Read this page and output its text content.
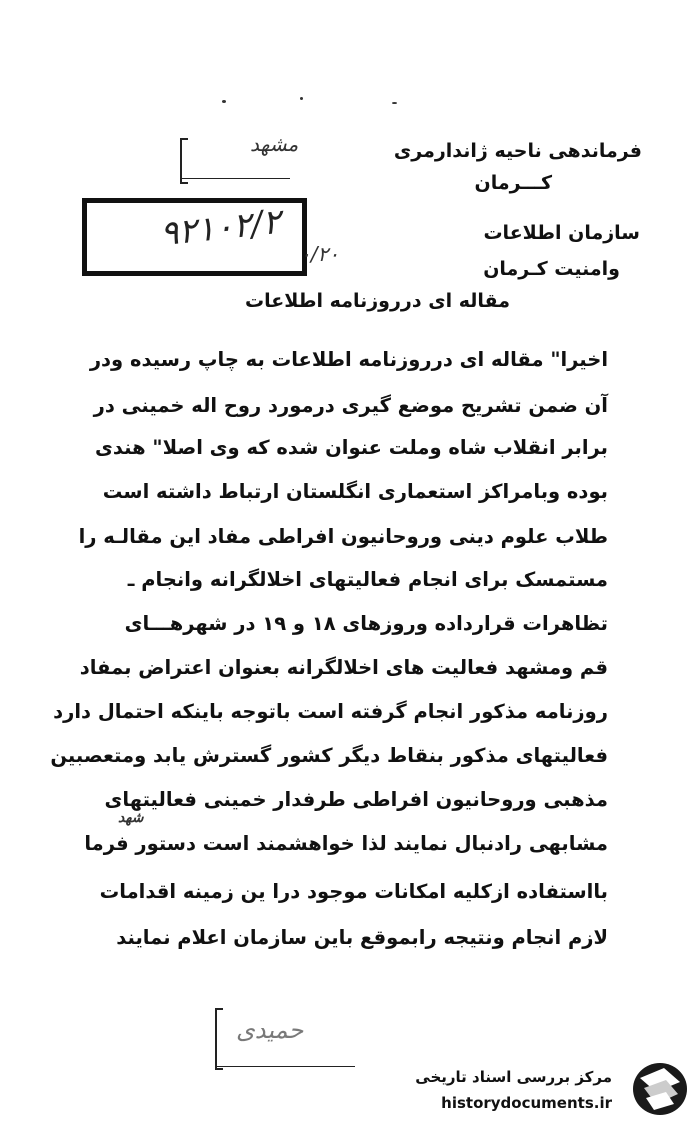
فرماندهی ناحیه ژاندارمری
مشهد
کـــرمان
۹۲۱۰۲/۲ ۰/۲۰
سازمان اطلاعات
وامنیت کـرمان
مقاله ای درروزنامه اطلاعات
اخیرا" مقاله ای درروزنامه اطلاعات به چاپ رسیده ودر
آن ضمن تشریح موضع گیری درمورد روح اله خمینی در
برابر انقلاب شاه وملت عنوان شده که وی اصلا" هندی
بوده وبامراکز استعماری انگلستان ارتباط داشته است
طلاب علوم دینی وروحانیون افراطی مفاد این مقالـه را
مستمسک برای انجام فعالیتهای اخلالگرانه وانجام ـ
تظاهرات قرارداده وروزهای ۱۸ و ۱۹ در شهرهـــای
قم ومشهد فعالیت های اخلالگرانه بعنوان اعتراض بمفاد
روزنامه مذکور انجام گرفته است باتوجه باینکه احتمال دارد
فعالیتهای مذکور بنقاط دیگر کشور گسترش یابد ومتعصبین
مذهبی وروحانیون افراطی طرفدار خمینی فعالیتهای
شهد
مشابهی رادنبال نمایند لذا خواهشمند است دستور فرما
بااستفاده ازکلیه امکانات موجود درا ین زمینه اقدامات
لازم انجام ونتیجه رابموقع باین سازمان اعلام نمایند
حمیدی
مرکز بررسی اسناد تاریخی
historydocuments.ir
